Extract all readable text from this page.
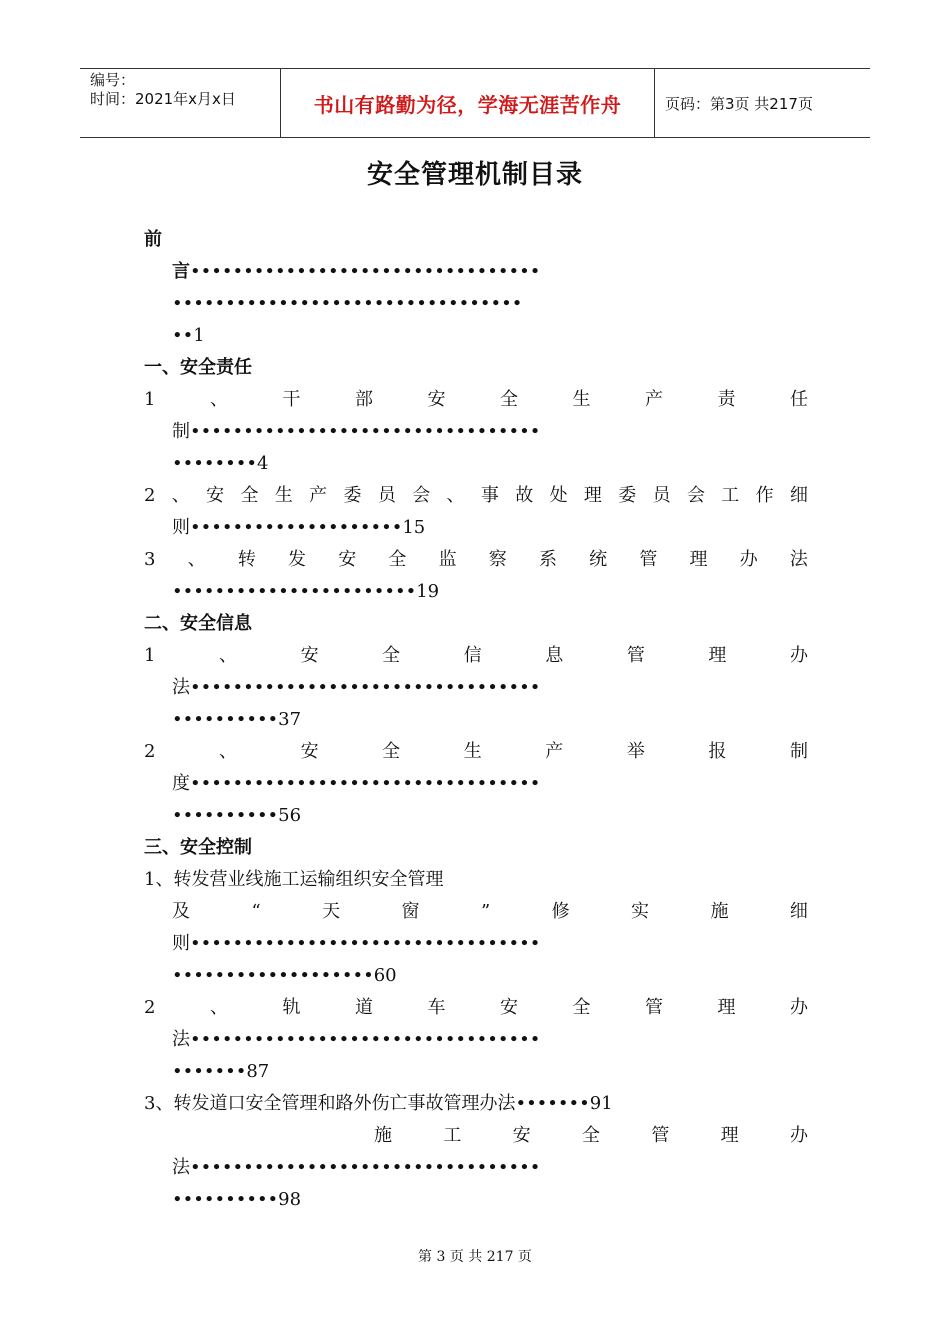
编号：
时间：2021年x月x日	书山有路勤为径，学海无涯苦作舟	页码：第3页 共217页
安全管理机制目录
前
言•••••••••••••••••••••••••••••••••
•••••••••••••••••••••••••••••••••
••1
一、安全责任
1	、	干	部	安	全	生	产	责	任
制•••••••••••••••••••••••••••••••••
••••••••4
2 、 安 全 生 产 委 员 会 、 事 故 处 理 委 员 会 工 作 细
则••••••••••••••••••••15
3 、 转 发 安 全 监 察 系 统 管 理 办 法
•••••••••••••••••••••••19
二、安全信息
1	、	安	全	信	息	管	理	办
法•••••••••••••••••••••••••••••••••
••••••••••37
2	、	安	全	生	产	举	报	制
度•••••••••••••••••••••••••••••••••
••••••••••56
三、安全控制
1、转发营业线施工运输组织安全管理
及	“	天	窗	”	修	实	施	细
则•••••••••••••••••••••••••••••••••
•••••••••••••••••••60
2	、	轨	道	车	安	全	管	理	办
法•••••••••••••••••••••••••••••••••
•••••••87
3、转发道口安全管理和路外伤亡事故管理办法•••••••91
施	工	安	全	管	理	办
法•••••••••••••••••••••••••••••••••
••••••••••98
第 3 页 共 217 页
